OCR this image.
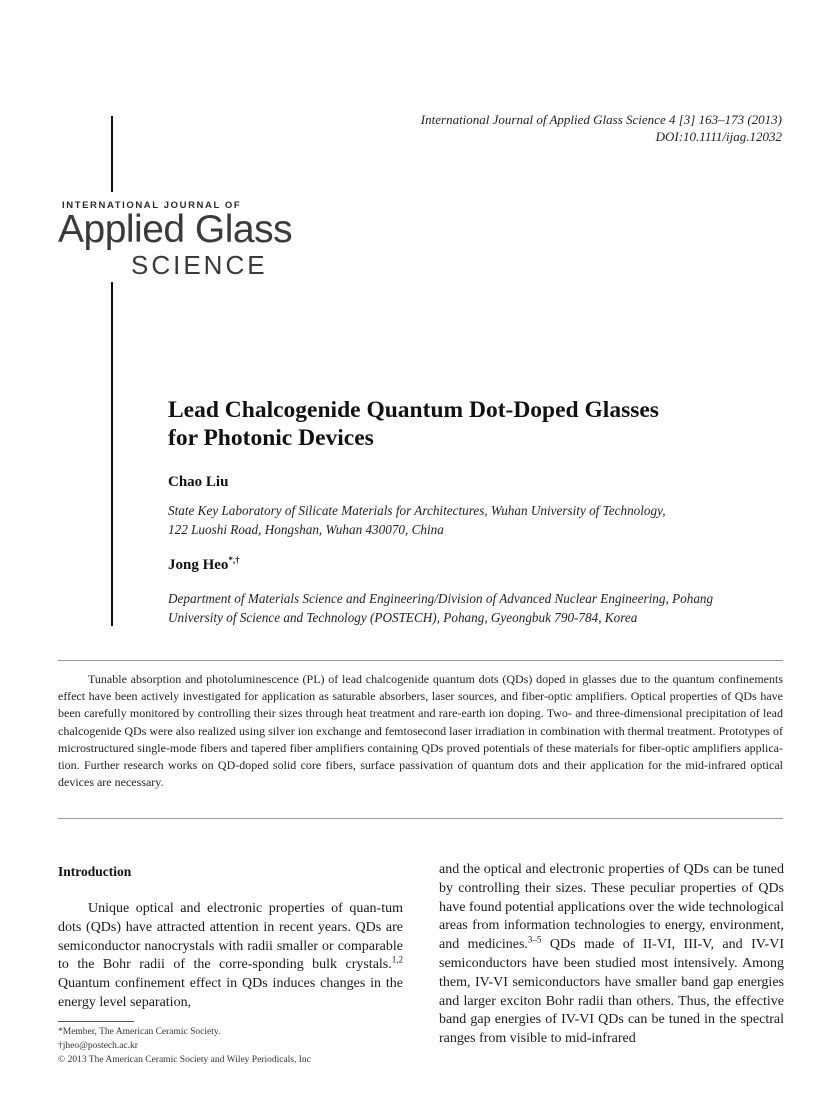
International Journal of Applied Glass Science 4 [3] 163–173 (2013)
DOI:10.1111/ijag.12032
INTERNATIONAL JOURNAL OF
Applied Glass
SCIENCE
Lead Chalcogenide Quantum Dot-Doped Glasses
for Photonic Devices
Chao Liu
State Key Laboratory of Silicate Materials for Architectures, Wuhan University of Technology,
122 Luoshi Road, Hongshan, Wuhan 430070, China
Jong Heo*,†
Department of Materials Science and Engineering/Division of Advanced Nuclear Engineering, Pohang
University of Science and Technology (POSTECH), Pohang, Gyeongbuk 790-784, Korea
Tunable absorption and photoluminescence (PL) of lead chalcogenide quantum dots (QDs) doped in glasses due to the quantum confinements effect have been actively investigated for application as saturable absorbers, laser sources, and fiber-optic amplifiers. Optical properties of QDs have been carefully monitored by controlling their sizes through heat treatment and rare-earth ion doping. Two- and three-dimensional precipitation of lead chalcogenide QDs were also realized using silver ion exchange and femtosecond laser irradiation in combination with thermal treatment. Prototypes of microstructured single-mode fibers and tapered fiber amplifiers containing QDs proved potentials of these materials for fiber-optic amplifiers applica-tion. Further research works on QD-doped solid core fibers, surface passivation of quantum dots and their application for the mid-infrared optical devices are necessary.
Introduction
Unique optical and electronic properties of quan-tum dots (QDs) have attracted attention in recent years. QDs are semiconductor nanocrystals with radii smaller or comparable to the Bohr radii of the corre-sponding bulk crystals.$^{1,2}$ Quantum confinement effect in QDs induces changes in the energy level separation,
and the optical and electronic properties of QDs can be tuned by controlling their sizes. These peculiar properties of QDs have found potential applications over the wide technological areas from information technologies to energy, environment, and medicines.$^{3-5}$ QDs made of II-VI, III-V, and IV-VI semiconductors have been studied most intensively. Among them, IV-VI semiconductors have smaller band gap energies and larger exciton Bohr radii than others. Thus, the effective band gap energies of IV-VI QDs can be tuned in the spectral ranges from visible to mid-infrared
*Member, The American Ceramic Society.
†jheo@postech.ac.kr
© 2013 The American Ceramic Society and Wiley Periodicals, Inc
